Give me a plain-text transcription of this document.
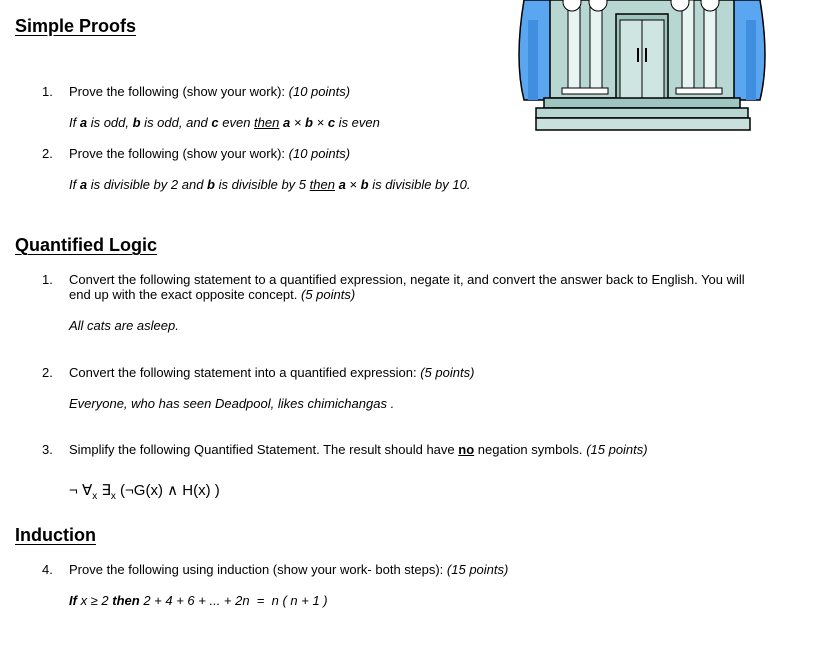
Simple Proofs
1. Prove the following (show your work): (10 points)
If a is odd, b is odd, and c even then a × b × c is even
2. Prove the following (show your work): (10 points)
If a is divisible by 2 and b is divisible by 5 then a × b is divisible by 10.
Quantified Logic
1. Convert the following statement to a quantified expression, negate it, and convert the answer back to English. You will end up with the exact opposite concept. (5 points)
All cats are asleep.
2. Convert the following statement into a quantified expression: (5 points)
Everyone, who has seen Deadpool, likes chimichangas .
3. Simplify the following Quantified Statement. The result should have no negation symbols. (15 points)
¬ $\forall_x$ $\exists_x$ (¬G(x) ∧ H(x) )
Induction
4. Prove the following using induction (show your work- both steps): (15 points)
If x ≥ 2 then 2 + 4 + 6 + ... + 2n  =  n ( n + 1 )
